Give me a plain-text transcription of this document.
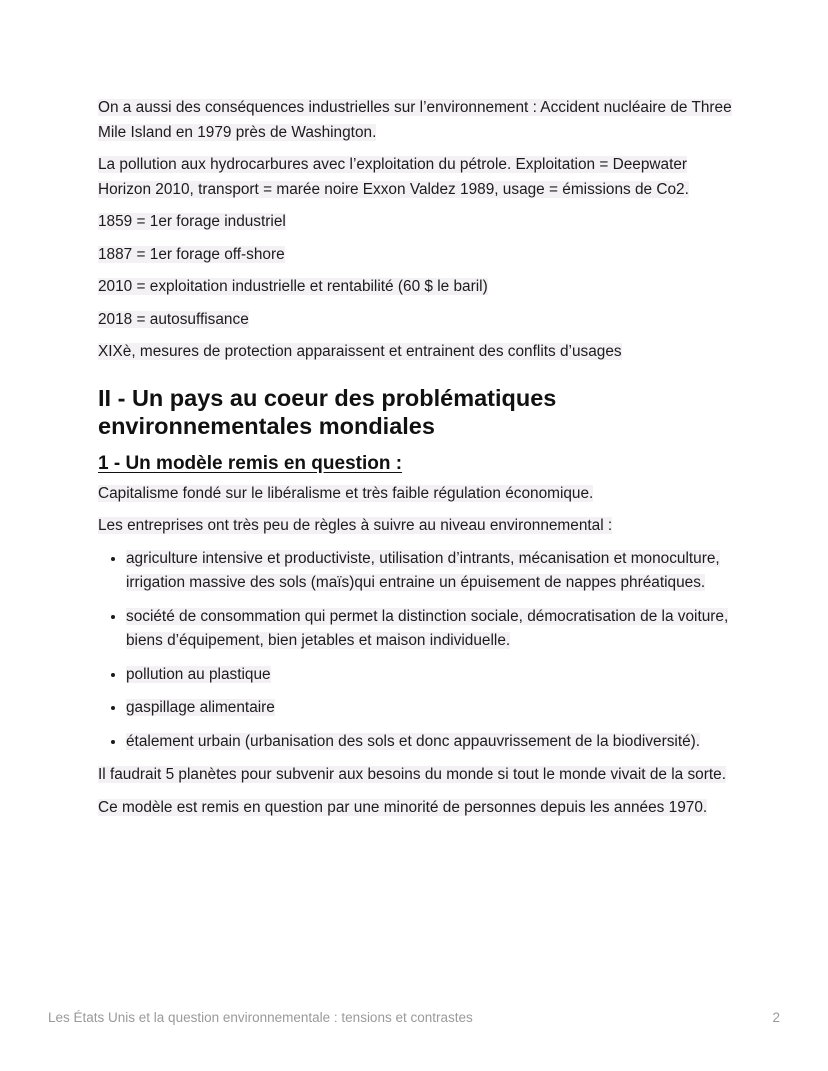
On a aussi des conséquences industrielles sur l’environnement : Accident nucléaire de Three Mile Island en 1979 près de Washington.

La pollution aux hydrocarbures avec l’exploitation du pétrole. Exploitation = Deepwater Horizon 2010, transport = marée noire Exxon Valdez 1989, usage = émissions de Co2.

1859 = 1er forage industriel

1887 = 1er forage off-shore

2010 = exploitation industrielle et rentabilité (60 $ le baril)

2018 = autosuffisance

XIXè, mesures de protection apparaissent et entrainent des conflits d’usages

II - Un pays au coeur des problématiques environnementales mondiales
1 - Un modèle remis en question :

Capitalisme fondé sur le libéralisme et très faible régulation économique.

Les entreprises ont très peu de règles à suivre au niveau environnemental :

• agriculture intensive et productiviste, utilisation d’intrants, mécanisation et monoculture, irrigation massive des sols (maïs)qui entraine un épuisement de nappes phréatiques.
• société de consommation qui permet la distinction sociale, démocratisation de la voiture, biens d’équipement, bien jetables et maison individuelle.
• pollution au plastique
• gaspillage alimentaire
• étalement urbain (urbanisation des sols et donc appauvrissement de la biodiversité).

Il faudrait 5 planètes pour subvenir aux besoins du monde si tout le monde vivait de la sorte.

Ce modèle est remis en question par une minorité de personnes depuis les années 1970.

Les États Unis et la question environnementale : tensions et contrastes	2
